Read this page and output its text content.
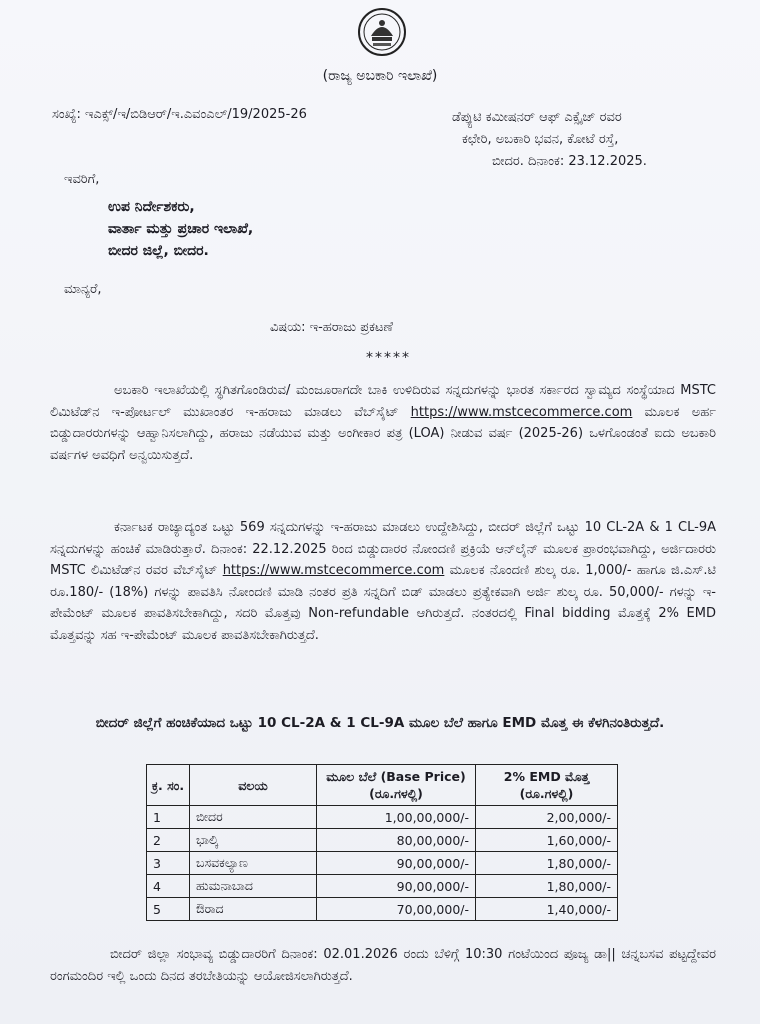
(ರಾಜ್ಯ ಅಬಕಾರಿ ಇಲಾಖೆ)
ಸಂಖ್ಯೆ: ಇಎಕ್ಸ್/ಇ/ಬಿಡಿಆರ್/ಇ.ಎವಂಎಲ್/19/2025-26	ಡೆಪ್ಯುಟಿ ಕಮೀಷನರ್ ಆಫ್ ಎಕ್ಸೈಜ್ ರವರ
ಕಛೇರಿ, ಅಬಕಾರಿ ಭವನ, ಕೋಟೆ ರಸ್ತೆ,
ಬೀದರ. ದಿನಾಂಕ: 23.12.2025.
ಇವರಿಗೆ,
ಉಪ ನಿರ್ದೇಶಕರು,
ವಾರ್ತಾ ಮತ್ತು ಪ್ರಚಾರ ಇಲಾಖೆ,
ಬೀದರ ಜಿಲ್ಲೆ, ಬೀದರ.
ಮಾನ್ಯರೆ,
ವಿಷಯ: ಇ-ಹರಾಜು ಪ್ರಕಟಣೆ
*****
ಅಬಕಾರಿ ಇಲಾಖೆಯಲ್ಲಿ ಸ್ಥಗಿತಗೊಂಡಿರುವ/ ಮಂಜೂರಾಗದೇ ಬಾಕಿ ಉಳಿದಿರುವ ಸನ್ನದುಗಳನ್ನು ಭಾರತ ಸರ್ಕಾರದ ಸ್ವಾಮ್ಯದ ಸಂಸ್ಥೆಯಾದ MSTC ಲಿಮಿಟೆಡ್‌ನ ಇ-ಪೋರ್ಟಲ್ ಮುಖಾಂತರ ಇ-ಹರಾಜು ಮಾಡಲು ವೆಬ್‌ಸೈಟ್ https://www.mstcecommerce.com ಮೂಲಕ ಅರ್ಹ ಬಿಡ್ಡುದಾರರುಗಳನ್ನು ಆಹ್ವಾನಿಸಲಾಗಿದ್ದು, ಹರಾಜು ನಡೆಯುವ ಮತ್ತು ಅಂಗೀಕಾರ ಪತ್ರ (LOA) ನೀಡುವ ವರ್ಷ (2025-26) ಒಳಗೊಂಡಂತೆ ಐದು ಅಬಕಾರಿ ವರ್ಷಗಳ ಅವಧಿಗೆ ಅನ್ವಯಿಸುತ್ತದೆ.
ಕರ್ನಾಟಕ ರಾಜ್ಯಾದ್ಯಂತ ಒಟ್ಟು 569 ಸನ್ನದುಗಳನ್ನು ಇ-ಹರಾಜು ಮಾಡಲು ಉದ್ದೇಶಿಸಿದ್ದು, ಬೀದರ್ ಜಿಲ್ಲೆಗೆ ಒಟ್ಟು 10 CL-2A & 1 CL-9A ಸನ್ನದುಗಳನ್ನು ಹಂಚಿಕೆ ಮಾಡಿರುತ್ತಾರೆ. ದಿನಾಂಕ: 22.12.2025 ರಿಂದ ಬಿಡ್ಡುದಾರರ ನೋಂದಣಿ ಪ್ರಕ್ರಿಯೆ ಆನ್‌ಲೈನ್ ಮೂಲಕ ಪ್ರಾರಂಭವಾಗಿದ್ದು, ಅರ್ಜಿದಾರರು MSTC ಲಿಮಿಟೆಡ್‌ನ ರವರ ವೆಬ್‌ಸೈಟ್ https://www.mstcecommerce.com ಮೂಲಕ ನೊಂದಣಿ ಶುಲ್ಕ ರೂ. 1,000/- ಹಾಗೂ ಜಿ.ಎಸ್.ಟಿ ರೂ.180/- (18%) ಗಳನ್ನು ಪಾವತಿಸಿ ನೋಂದಣಿ ಮಾಡಿ ನಂತರ ಪ್ರತಿ ಸನ್ನದಿಗೆ ಬಿಡ್ ಮಾಡಲು ಪ್ರತ್ಯೇಕವಾಗಿ ಅರ್ಜಿ ಶುಲ್ಕ ರೂ. 50,000/- ಗಳನ್ನು ಇ-ಪೇಮೆಂಟ್ ಮೂಲಕ ಪಾವತಿಸಬೇಕಾಗಿದ್ದು, ಸದರಿ ಮೊತ್ತವು Non-refundable ಆಗಿರುತ್ತದೆ. ನಂತರದಲ್ಲಿ Final bidding ಮೊತ್ತಕ್ಕೆ 2% EMD ಮೊತ್ತವನ್ನು ಸಹ ಇ-ಪೇಮೆಂಟ್ ಮೂಲಕ ಪಾವತಿಸಬೇಕಾಗಿರುತ್ತದೆ.
ಬೀದರ್ ಜಿಲ್ಲೆಗೆ ಹಂಚಿಕೆಯಾದ ಒಟ್ಟು 10 CL-2A & 1 CL-9A ಮೂಲ ಬೆಲೆ ಹಾಗೂ EMD ಮೊತ್ತ ಈ ಕೆಳಗಿನಂತಿರುತ್ತದೆ.
ಕ್ರ. ಸಂ.	ವಲಯ	ಮೂಲ ಬೆಲೆ (Base Price) (ರೂ.ಗಳಲ್ಲಿ)	2% EMD ಮೊತ್ತ (ರೂ.ಗಳಲ್ಲಿ)
1	ಬೀದರ	1,00,00,000/-	2,00,000/-
2	ಭಾಲ್ಕಿ	80,00,000/-	1,60,000/-
3	ಬಸವಕಲ್ಯಾಣ	90,00,000/-	1,80,000/-
4	ಹುಮನಾಬಾದ	90,00,000/-	1,80,000/-
5	ಔರಾದ	70,00,000/-	1,40,000/-
ಬೀದರ್ ಜಿಲ್ಲಾ ಸಂಭಾವ್ಯ ಬಿಡ್ಡುದಾರರಿಗೆ ದಿನಾಂಕ: 02.01.2026 ರಂದು ಬೆಳಿಗ್ಗೆ 10:30 ಗಂಟೆಯಿಂದ ಪೂಜ್ಯ ಡಾ|| ಚನ್ನಬಸವ ಪಟ್ಟದ್ದೇವರ ರಂಗಮಂದಿರ ಇಲ್ಲಿ ಒಂದು ದಿನದ ತರಬೇತಿಯನ್ನು ಆಯೋಜಿಸಲಾಗಿರುತ್ತದೆ.
